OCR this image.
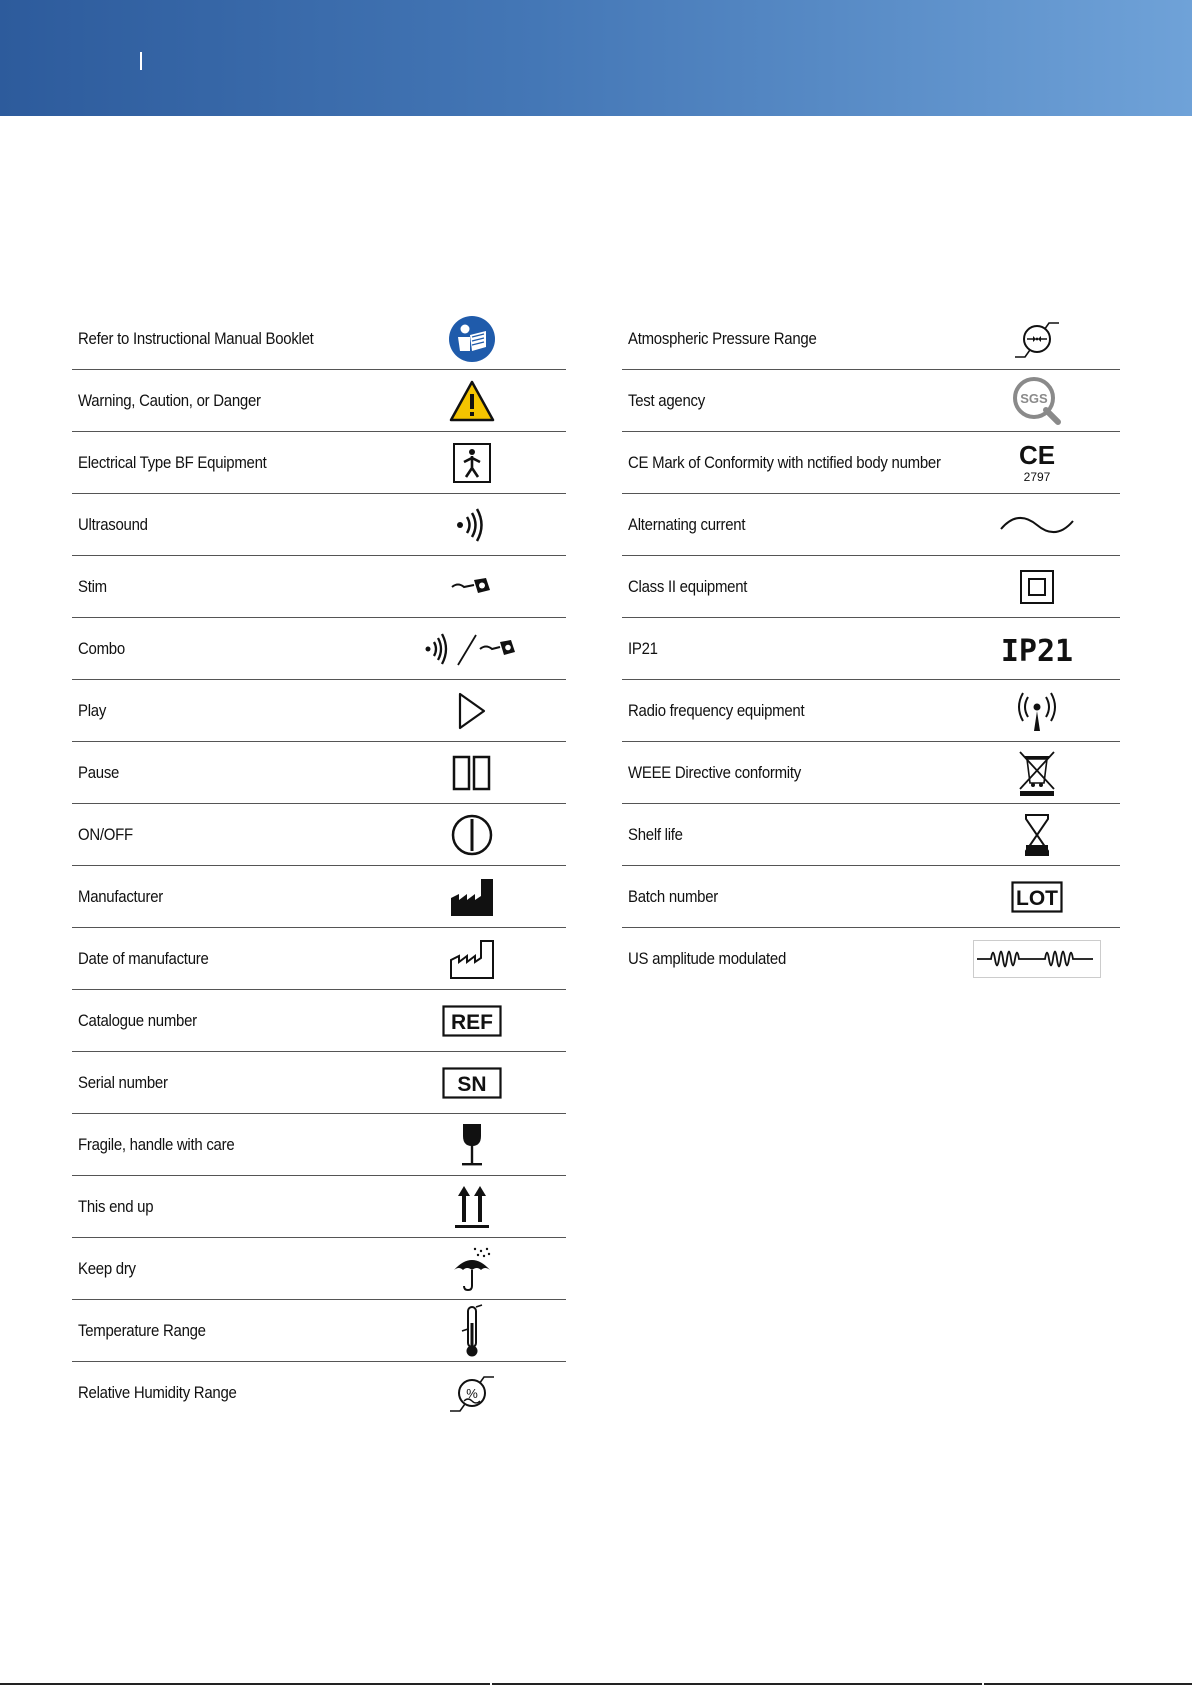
Refer to Instructional Manual Booklet
Warning, Caution, or Danger
Electrical Type BF Equipment
Ultrasound
Stim
Combo
Play
Pause
ON/OFF
Manufacturer
Date of manufacture
Catalogue number	REF
Serial number	SN
Fragile, handle with care
This end up
Keep dry
Temperature Range
Relative Humidity Range	%
Atmospheric Pressure Range
Test agency	SGS
CE Mark of Conformity with nctified body number	CE
2797
Alternating current
Class II equipment
IP21	IP21
Radio frequency equipment
WEEE Directive conformity
Shelf life
Batch number	LOT
US amplitude modulated
